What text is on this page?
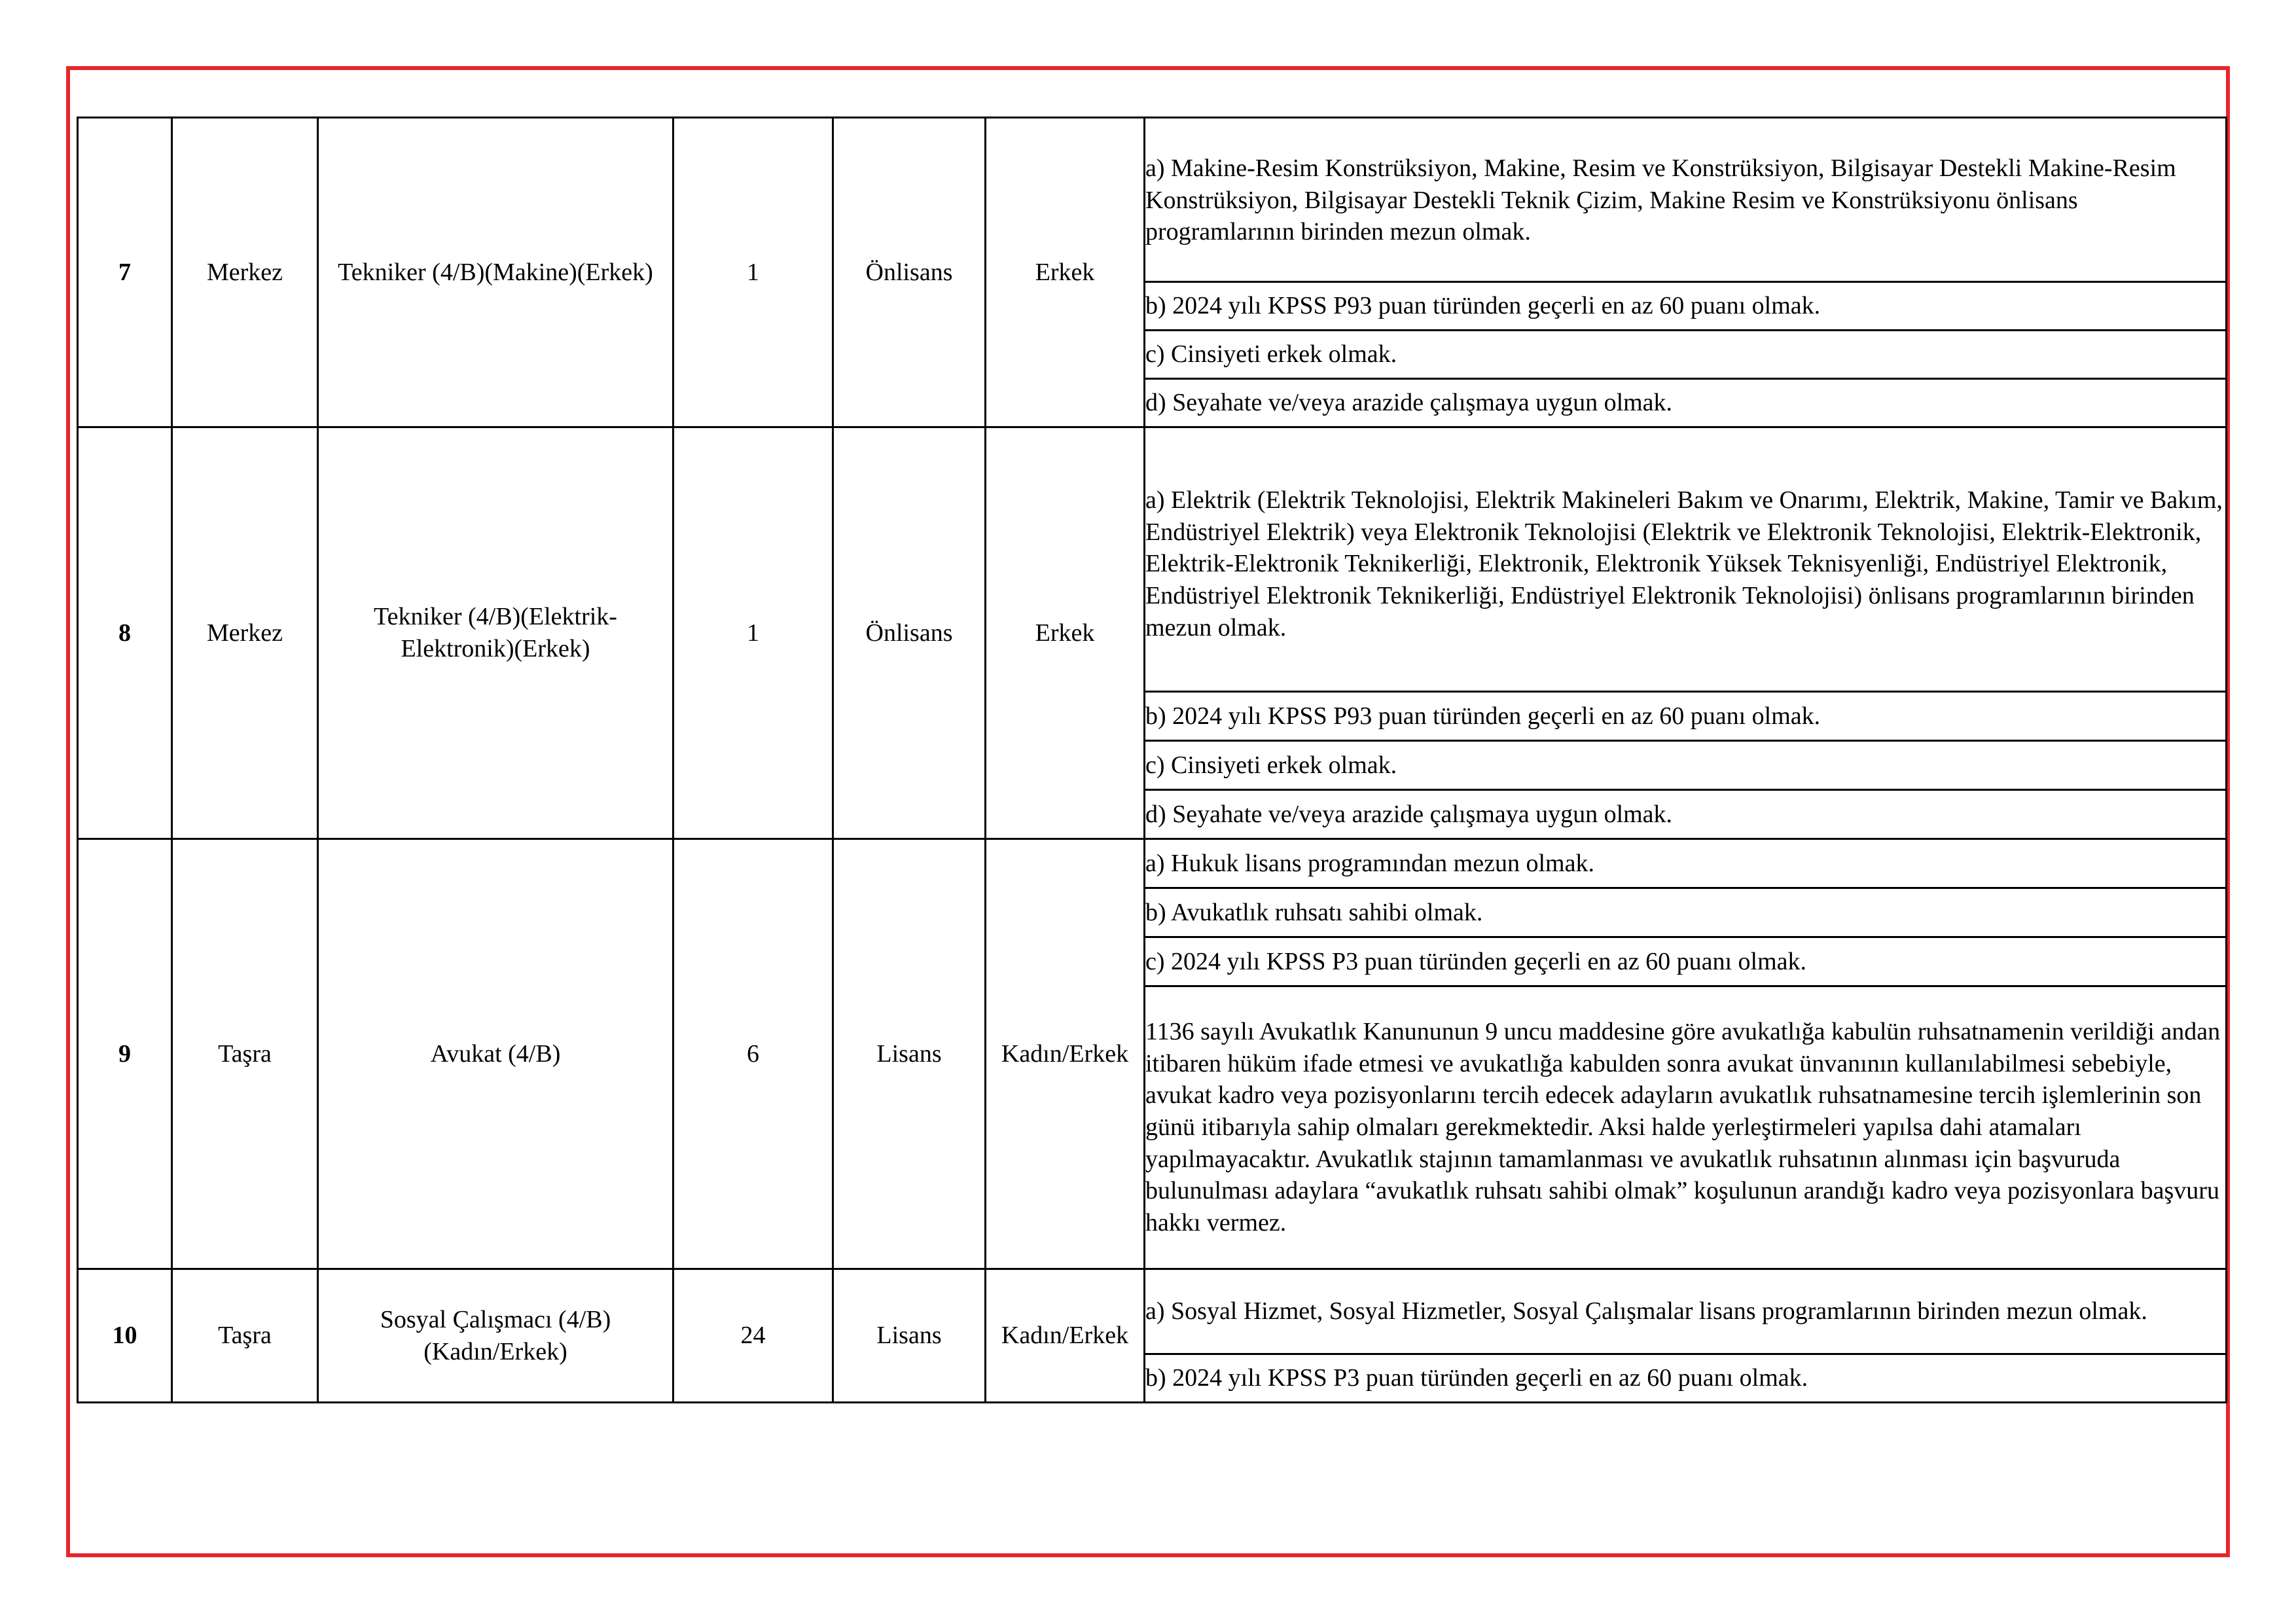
7	Merkez	Tekniker (4/B)(Makine)(Erkek)	1	Önlisans	Erkek	a) Makine-Resim Konstrüksiyon, Makine, Resim ve Konstrüksiyon, Bilgisayar Destekli Makine-Resim Konstrüksiyon, Bilgisayar Destekli Teknik Çizim, Makine Resim ve Konstrüksiyonu önlisans programlarının birinden mezun olmak.
						b) 2024 yılı KPSS P93 puan türünden geçerli en az 60 puanı olmak.
						c) Cinsiyeti erkek olmak.
						d) Seyahate ve/veya arazide çalışmaya uygun olmak.
8	Merkez	Tekniker (4/B)(Elektrik-Elektronik)(Erkek)	1	Önlisans	Erkek	a) Elektrik (Elektrik Teknolojisi, Elektrik Makineleri Bakım ve Onarımı, Elektrik, Makine, Tamir ve Bakım, Endüstriyel Elektrik) veya Elektronik Teknolojisi (Elektrik ve Elektronik Teknolojisi, Elektrik-Elektronik, Elektrik-Elektronik Teknikerliği, Elektronik, Elektronik Yüksek Teknisyenliği, Endüstriyel Elektronik, Endüstriyel Elektronik Teknikerliği, Endüstriyel Elektronik Teknolojisi) önlisans programlarının birinden mezun olmak.
						b) 2024 yılı KPSS P93 puan türünden geçerli en az 60 puanı olmak.
						c) Cinsiyeti erkek olmak.
						d) Seyahate ve/veya arazide çalışmaya uygun olmak.
9	Taşra	Avukat (4/B)	6	Lisans	Kadın/Erkek	a) Hukuk lisans programından mezun olmak.
						b) Avukatlık ruhsatı sahibi olmak.
						c) 2024 yılı KPSS P3 puan türünden geçerli en az 60 puanı olmak.
						1136 sayılı Avukatlık Kanununun 9 uncu maddesine göre avukatlığa kabulün ruhsatnamenin verildiği andan itibaren hüküm ifade etmesi ve avukatlığa kabulden sonra avukat ünvanının kullanılabilmesi sebebiyle, avukat kadro veya pozisyonlarını tercih edecek adayların avukatlık ruhsatnamesine tercih işlemlerinin son günü itibarıyla sahip olmaları gerekmektedir. Aksi halde yerleştirmeleri yapılsa dahi atamaları yapılmayacaktır. Avukatlık stajının tamamlanması ve avukatlık ruhsatının alınması için başvuruda bulunulması adaylara “avukatlık ruhsatı sahibi olmak” koşulunun arandığı kadro veya pozisyonlara başvuru hakkı vermez.
10	Taşra	Sosyal Çalışmacı (4/B)(Kadın/Erkek)	24	Lisans	Kadın/Erkek	a) Sosyal Hizmet, Sosyal Hizmetler, Sosyal Çalışmalar lisans programlarının birinden mezun olmak.
						b) 2024 yılı KPSS P3 puan türünden geçerli en az 60 puanı olmak.
